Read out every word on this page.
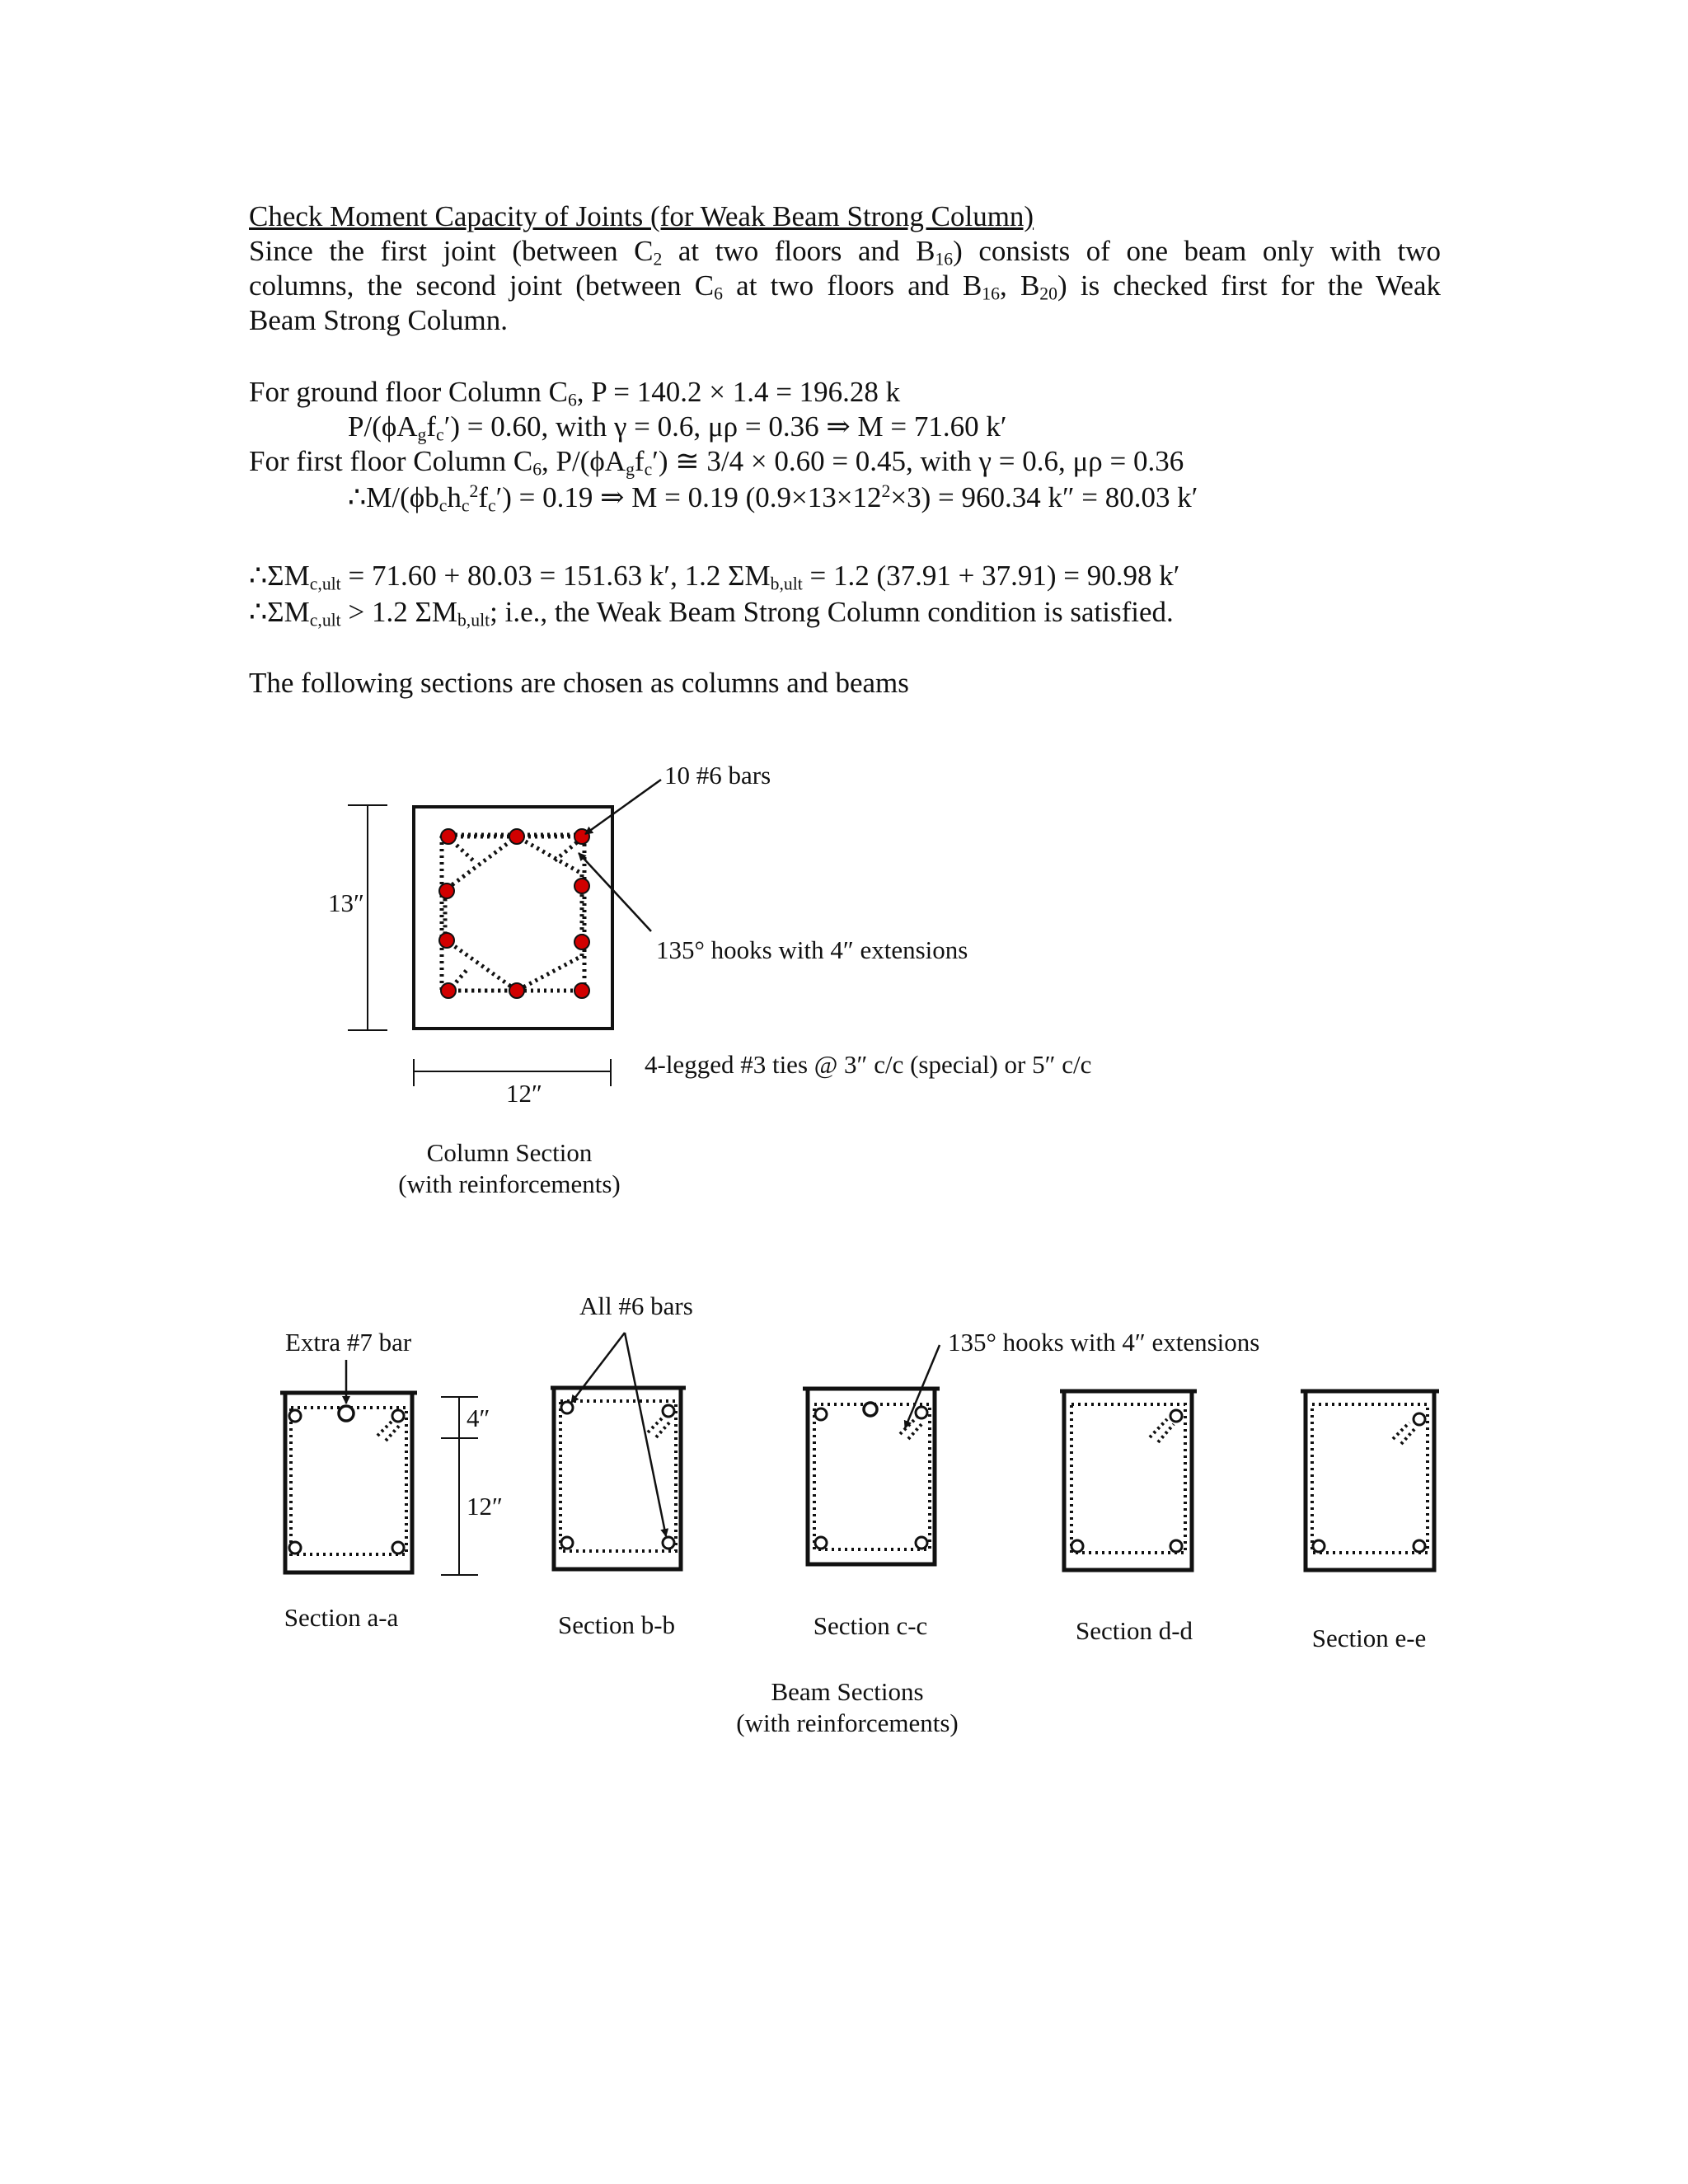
Check Moment Capacity of Joints (for Weak Beam Strong Column)
Since the first joint (between $C_2$ at two floors and $B_{16}$) consists of one beam only with two
columns, the second joint (between $C_6$ at two floors and $B_{16}$, $B_{20}$) is checked first for the Weak
Beam Strong Column.
For ground floor Column $C_6$, P = 140.2 × 1.4 = 196.28 k
$P/(\phi A_gf_c') = 0.60$, with γ = 0.6, μρ = 0.36 ⇒ M = 71.60 k′
For first floor Column $C_6$, $P/(\phi A_gf_c')$ ≅ 3/4 × 0.60 = 0.45, with γ = 0.6, μρ = 0.36
$\therefore M/(\phi b_ch_c^2f_c') = 0.19$ ⇒ M = 0.19 $(0.9\times 13\times 12^2\times 3) = 960.34$ k″ = 80.03 k′
$\therefore\Sigma M_{c,ult} = 71.60 + 80.03 = 151.63$ k′, 1.2 $\Sigma M_{b,ult} = 1.2$ (37.91 + 37.91) = 90.98 k′
$\therefore\Sigma M_{c,ult} > 1.2$ $\Sigma M_{b,ult}$; i.e., the Weak Beam Strong Column condition is satisfied.
The following sections are chosen as columns and beams
10 #6 bars
135° hooks with 4″ extensions
13″
12″
4-legged #3 ties @ 3″ c/c (special) or 5″ c/c
Column Section
(with reinforcements)
All #6 bars
Extra #7 bar	135° hooks with 4″ extensions
4″
12″
Section a-a	Section b-b	Section c-c	Section d-d	Section e-e
Beam Sections
(with reinforcements)
